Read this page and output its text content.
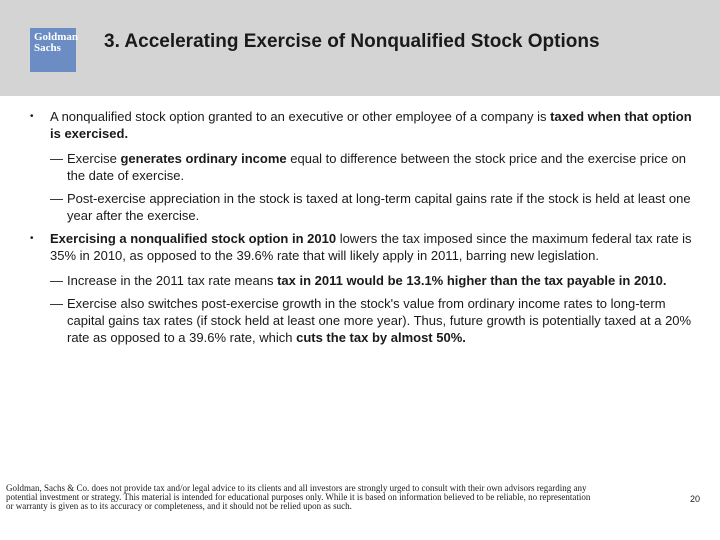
Goldman
Sachs	3. Accelerating Exercise of Nonqualified Stock Options
• A nonqualified stock option granted to an executive or other employee of a company is taxed when that option is exercised.
— Exercise generates ordinary income equal to difference between the stock price and the exercise price on the date of exercise.
— Post-exercise appreciation in the stock is taxed at long-term capital gains rate if the stock is held at least one year after the exercise.
• Exercising a nonqualified stock option in 2010 lowers the tax imposed since the maximum federal tax rate is 35% in 2010, as opposed to the 39.6% rate that will likely apply in 2011, barring new legislation.
— Increase in the 2011 tax rate means tax in 2011 would be 13.1% higher than the tax payable in 2010.
— Exercise also switches post-exercise growth in the stock's value from ordinary income rates to long-term capital gains tax rates (if stock held at least one more year). Thus, future growth is potentially taxed at a 20% rate as opposed to a 39.6% rate, which cuts the tax by almost 50%.
Goldman, Sachs & Co. does not provide tax and/or legal advice to its clients and all investors are strongly urged to consult with their own advisors regarding any
potential investment or strategy. This material is intended for educational purposes only. While it is based on information believed to be reliable, no representation
or warranty is given as to its accuracy or completeness, and it should not be relied upon as such.
20
